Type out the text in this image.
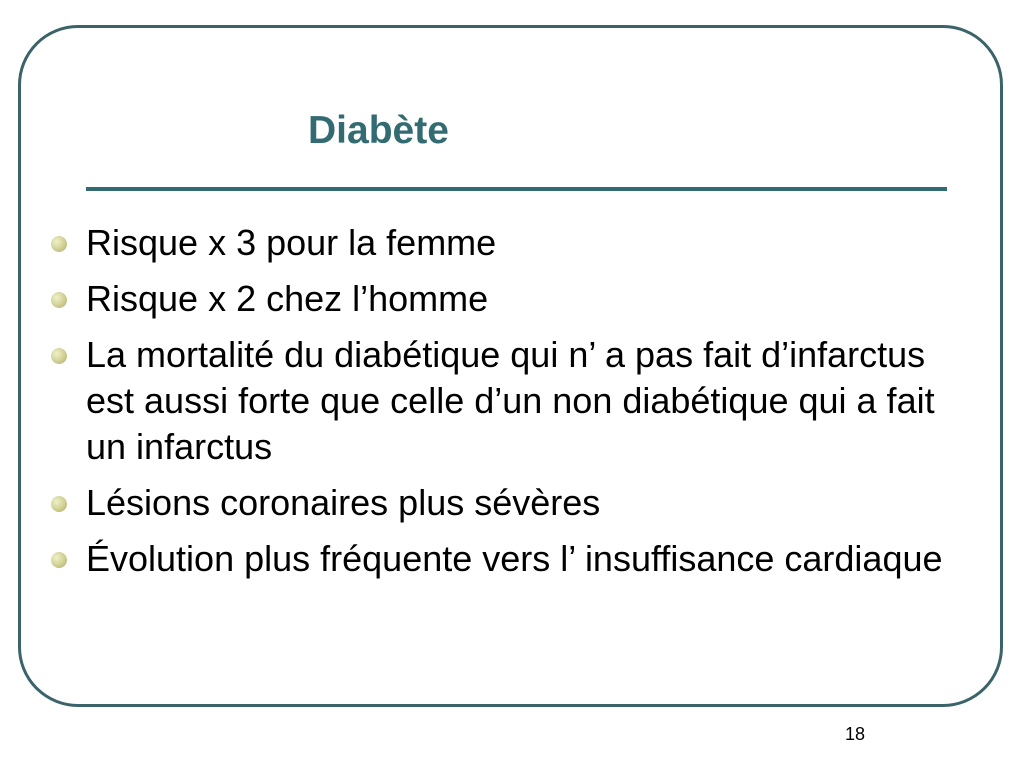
Diabète
Risque x 3 pour la femme
Risque x 2 chez l’homme
La mortalité du diabétique qui n’ a pas fait d’infarctus est aussi forte que celle d’un non diabétique qui a fait un infarctus
Lésions coronaires plus sévères
Évolution plus fréquente vers l’ insuffisance cardiaque
18
